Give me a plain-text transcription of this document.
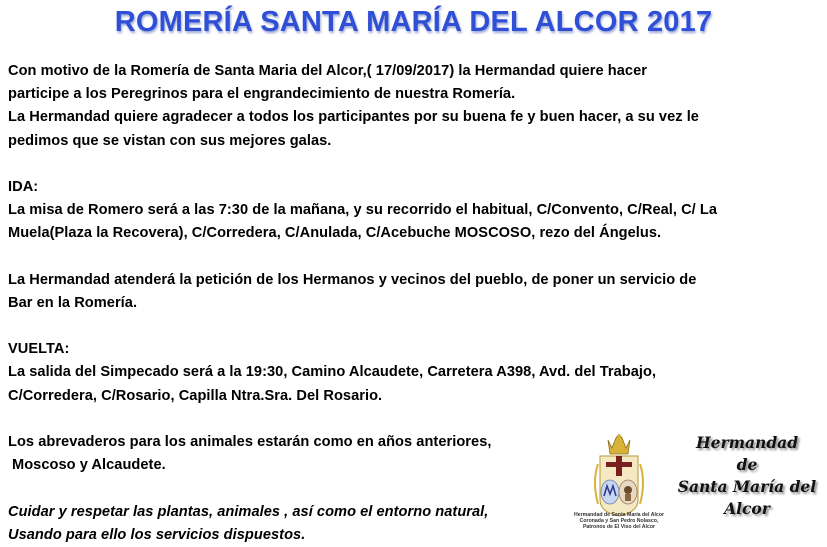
ROMERÍA SANTA MARÍA DEL ALCOR 2017
Con motivo de la Romería de Santa Maria del Alcor,( 17/09/2017) la Hermandad quiere hacer
participe a los Peregrinos para el engrandecimiento de nuestra Romería.
La Hermandad quiere agradecer a todos los participantes por su buena fe y buen hacer, a su vez le
pedimos que se vistan con sus mejores galas.
IDA:
La misa de Romero será a las 7:30 de la mañana, y su recorrido el habitual, C/Convento, C/Real, C/ La
Muela(Plaza la Recovera), C/Corredera, C/Anulada, C/Acebuche MOSCOSO, rezo del Ángelus.
La Hermandad atenderá la petición de los Hermanos y vecinos del pueblo, de poner un servicio de
Bar en la Romería.
VUELTA:
La salida del Simpecado será a la 19:30, Camino Alcaudete, Carretera A398, Avd. del Trabajo,
C/Corredera, C/Rosario, Capilla Ntra.Sra. Del Rosario.
Los abrevaderos para los animales estarán como en años anteriores,
Moscoso y Alcaudete.
Cuidar y respetar las plantas, animales , así como el entorno natural,
Usando para ello los servicios dispuestos.
Hermandad de Santa María del Alcor
Coronada y San Pedro Nolasco,
Patronos de El Viso del Alcor
Hermandad
de
Santa María del
Alcor
